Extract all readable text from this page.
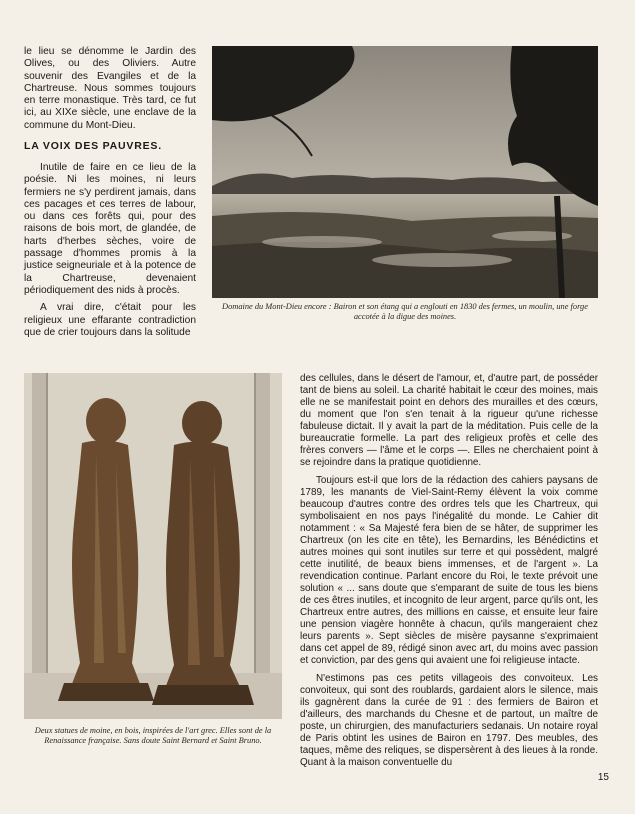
le lieu se dénomme le Jardin des Olives, ou des Oliviers. Autre souvenir des Evangiles et de la Chartreuse. Nous sommes toujours en terre monastique. Très tard, ce fut ici, au XIXe siècle, une enclave de la commune du Mont-Dieu.

LA VOIX DES PAUVRES.

Inutile de faire en ce lieu de la poésie. Ni les moines, ni leurs fermiers ne s'y perdirent jamais, dans ces pacages et ces terres de labour, ou dans ces forêts qui, pour des raisons de bois mort, de glandée, de harts d'herbes sèches, voire de passage d'hommes promis à la justice seigneuriale et à la potence de la Chartreuse, devenaient périodiquement des nids à procès.

A vrai dire, c'était pour les religieux une effarante contradiction que de crier toujours dans la solitude

Domaine du Mont-Dieu encore : Bairon et son étang qui a englouti en 1830 des fermes, un moulin, une forge accotée à la digue des moines.
Deux statues de moine, en bois, inspirées de l'art grec. Elles sont de la Renaissance française. Sans doute Saint Bernard et Saint Bruno.

des cellules, dans le désert de l'amour, et, d'autre part, de posséder tant de biens au soleil. La charité habitait le cœur des moines, mais elle ne se manifestait point en dehors des murailles et des cœurs, du moment que l'on s'en tenait à la rigueur qu'une richesse fabuleuse dictait. Il y avait la part de la méditation. Puis celle de la bureaucratie formelle. La part des religieux profès et celle des frères convers — l'âme et le corps —. Elles ne cherchaient point à se rejoindre dans la pratique quotidienne.

Toujours est-il que lors de la rédaction des cahiers paysans de 1789, les manants de Viel-Saint-Remy élèvent la voix comme beaucoup d'autres contre des ordres tels que les Chartreux, qui symbolisaient en nos pays l'inégalité du monde. Le Cahier dit notamment : « Sa Majesté fera bien de se hâter, de supprimer les Chartreux (on les cite en tête), les Bernardins, les Bénédictins et autres moines qui sont inutiles sur terre et qui possèdent, malgré cette inutilité, de beaux biens immenses, et de l'argent ». La revendication continue. Parlant encore du Roi, le texte prévoit une solution « ... sans doute que s'emparant de suite de tous les biens de ces êtres inutiles, et incognito de leur argent, parce qu'ils ont, les Chartreux entre autres, des millions en caisse, et ensuite leur faire une pension viagère honnête à chacun, qu'ils mangeraient chez leurs parents ». Sept siècles de misère paysanne s'exprimaient dans cet appel de 89, rédigé sinon avec art, du moins avec passion et conviction, par des gens qui avaient une foi religieuse intacte.

N'estimons pas ces petits villageois des convoiteux. Les convoiteux, qui sont des roublards, gardaient alors le silence, mais ils gagnèrent dans la curée de 91 : des fermiers de Bairon et d'ailleurs, des marchands du Chesne et de partout, un maître de poste, un chirurgien, des manufacturiers sedanais. Un notaire royal de Paris obtint les usines de Bairon en 1797. Des meubles, des taques, même des reliques, se dispersèrent à des lieues à la ronde. Quant à la maison conventuelle du

15
